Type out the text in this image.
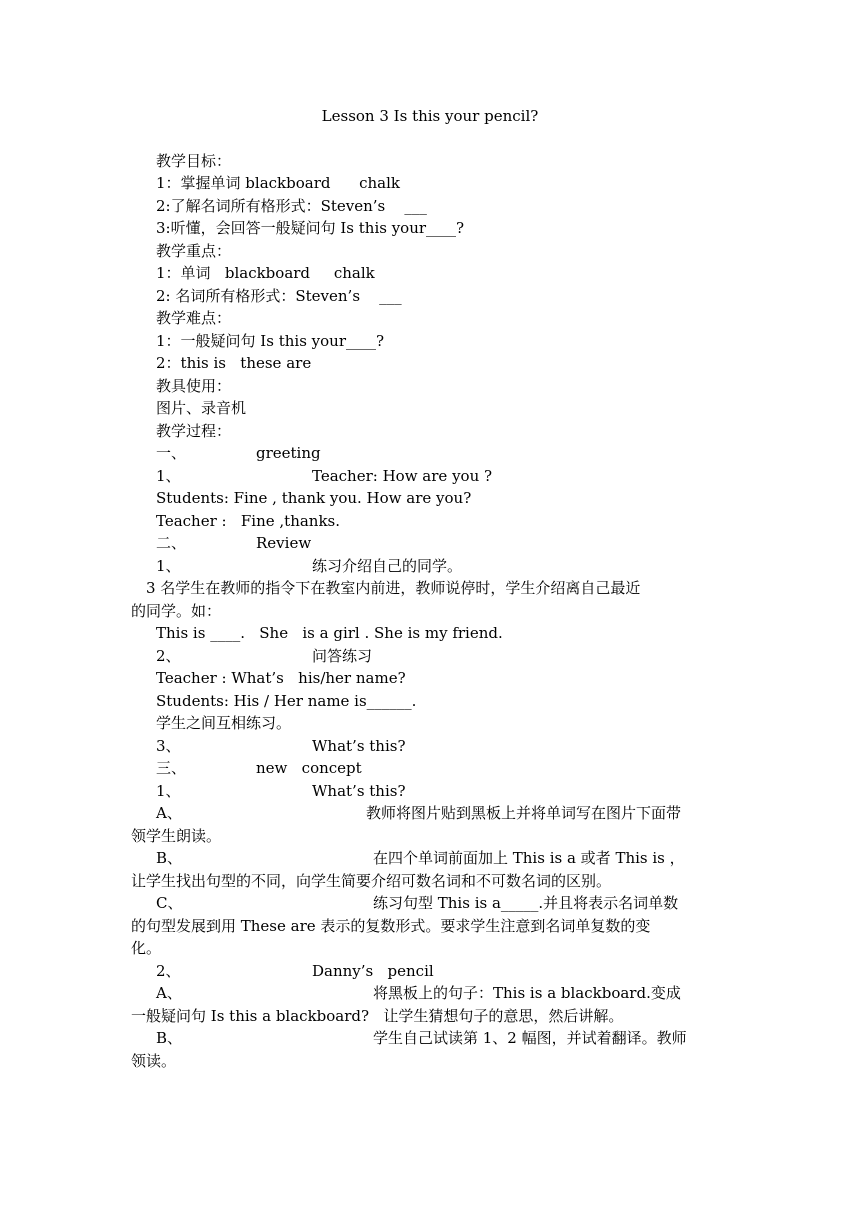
Lesson 3 Is this your pencil?
教学目标：
1：掌握单词 blackboard      chalk
2:了解名词所有格形式：Steven’s    ___
3:听懂，会回答一般疑问句 Is this your____?
教学重点：
1：单词   blackboard     chalk
2: 名词所有格形式：Steven’s    ___
教学难点：
1：一般疑问句 Is this your____?
2：this is   these are
教具使用：
图片、录音机
教学过程：
一、	greeting
1、	Teacher: How are you ?
Students: Fine , thank you. How are you?
Teacher :   Fine ,thanks.
二、	Review
1、	练习介绍自己的同学。
3 名学生在教师的指令下在教室内前进，教师说停时，学生介绍离自己最近
的同学。如：
This is ____.   She   is a girl . She is my friend.
2、	问答练习
Teacher : What’s   his/her name?
Students: His / Her name is______.
学生之间互相练习。
3、	What’s this?
三、	new   concept
1、	What’s this?
A、	教师将图片贴到黑板上并将单词写在图片下面带
领学生朗读。
B、	在四个单词前面加上 This is a 或者 This is ，
让学生找出句型的不同，向学生简要介绍可数名词和不可数名词的区别。
C、	练习句型 This is a_____.并且将表示名词单数
的句型发展到用 These are 表示的复数形式。要求学生注意到名词单复数的变
化。
2、	Danny’s   pencil
A、	将黑板上的句子：This is a blackboard.变成
一般疑问句 Is this a blackboard?   让学生猜想句子的意思，然后讲解。
B、	学生自己试读第 1、2 幅图，并试着翻译。教师
领读。
